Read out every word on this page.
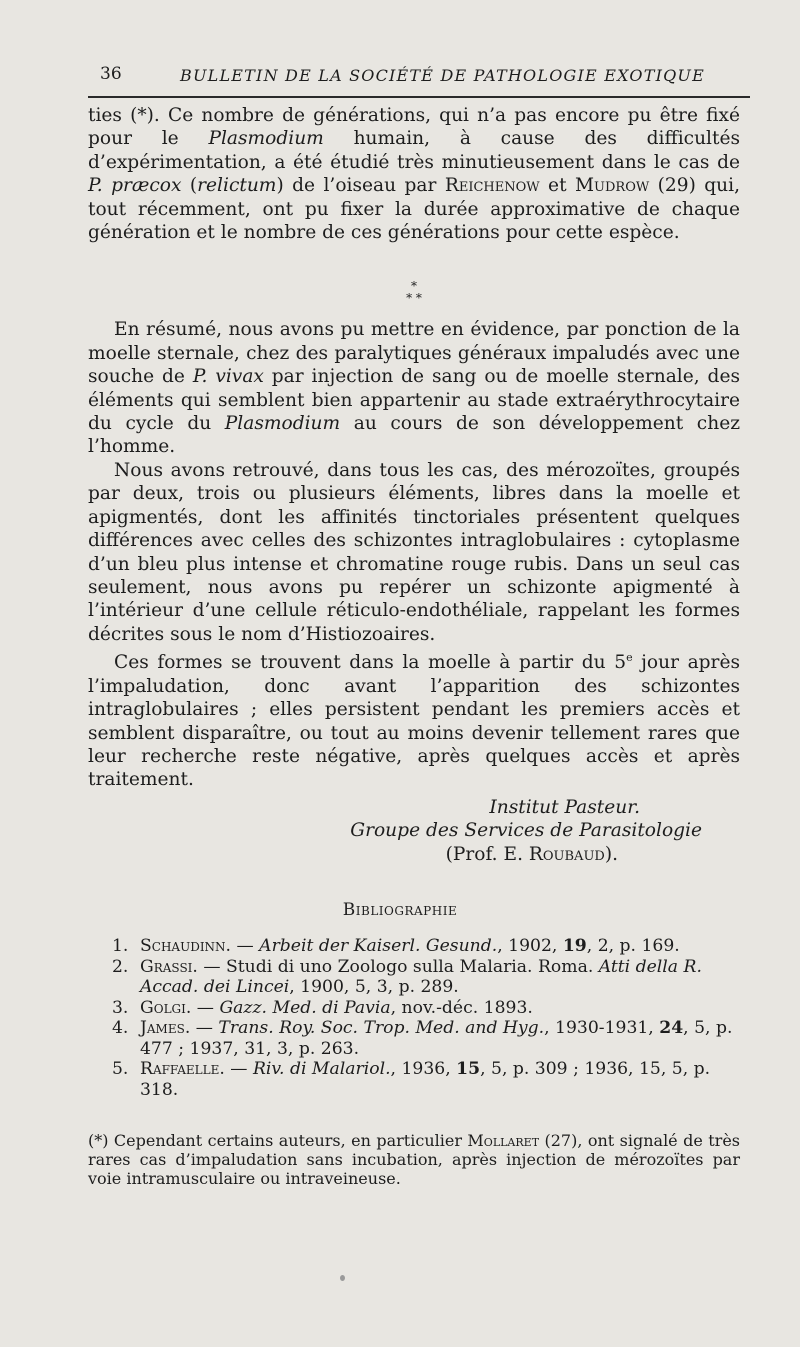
36	BULLETIN DE LA SOCIÉTÉ DE PATHOLOGIE EXOTIQUE

ties (*). Ce nombre de générations, qui n’a pas encore pu être fixé pour le Plasmodium humain, à cause des difficultés d’expérimentation, a été étudié très minutieusement dans le cas de P. præcox (relictum) de l’oiseau par Reichenow et Mudrow (29) qui, tout récemment, ont pu fixer la durée approximative de chaque génération et le nombre de ces générations pour cette espèce.

*
* *

En résumé, nous avons pu mettre en évidence, par ponction de la moelle sternale, chez des paralytiques généraux impaludés avec une souche de P. vivax par injection de sang ou de moelle sternale, des éléments qui semblent bien appartenir au stade extraérythrocytaire du cycle du Plasmodium au cours de son développement chez l’homme.

Nous avons retrouvé, dans tous les cas, des mérozoïtes, groupés par deux, trois ou plusieurs éléments, libres dans la moelle et apigmentés, dont les affinités tinctoriales présentent quelques différences avec celles des schizontes intraglobulaires : cytoplasme d’un bleu plus intense et chromatine rouge rubis. Dans un seul cas seulement, nous avons pu repérer un schizonte apigmenté à l’intérieur d’une cellule réticulo-endothéliale, rappelant les formes décrites sous le nom d’Histiozoaires.

Ces formes se trouvent dans la moelle à partir du 5e jour après l’impaludation, donc avant l’apparition des schizontes intraglobulaires ; elles persistent pendant les premiers accès et semblent disparaître, ou tout au moins devenir tellement rares que leur recherche reste négative, après quelques accès et après traitement.

Institut Pasteur.

Groupe des Services de Parasitologie

(Prof. E. Roubaud).

Bibliographie

1. Schaudinn. — Arbeit der Kaiserl. Gesund., 1902, 19, 2, p. 169.

2. Grassi. — Studi di uno Zoologo sulla Malaria. Roma. Atti della R. Accad. dei Lincei, 1900, 5, 3, p. 289.

3. Golgi. — Gazz. Med. di Pavia, nov.-déc. 1893.

4. James. — Trans. Roy. Soc. Trop. Med. and Hyg., 1930-1931, 24, 5, p. 477 ; 1937, 31, 3, p. 263.

5. Raffaelle. — Riv. di Malariol., 1936, 15, 5, p. 309 ; 1936, 15, 5, p. 318.

(*) Cependant certains auteurs, en particulier Mollaret (27), ont signalé de très rares cas d’impaludation sans incubation, après injection de mérozoïtes par voie intramusculaire ou intraveineuse.
